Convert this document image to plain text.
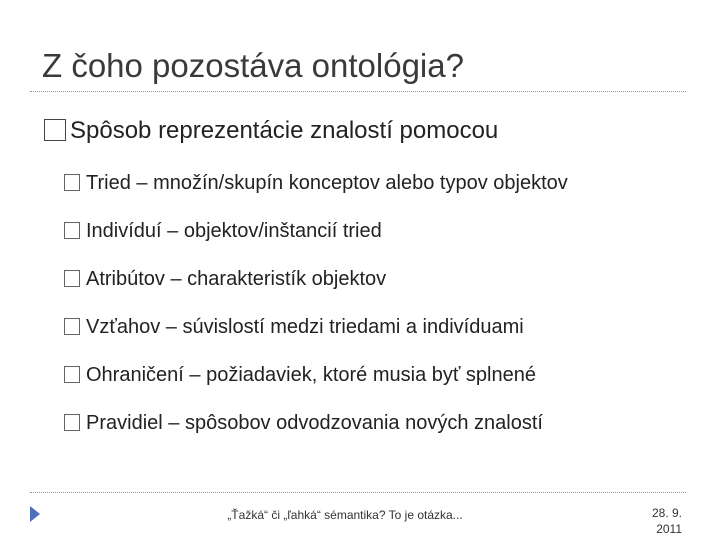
Z čoho pozostáva ontológia?
Spôsob reprezentácie znalostí pomocou
Tried – množín/skupín konceptov alebo typov objektov
Indivíduí – objektov/inštancií tried
Atribútov – charakteristík objektov
Vzťahov – súvislostí medzi triedami a indivíduami
Ohraničení – požiadaviek, ktoré musia byť splnené
Pravidiel – spôsobov odvodzovania nových znalostí
„Ťažká“ či „ľahká“ sémantika? To je otázka...	28. 9.
2011
